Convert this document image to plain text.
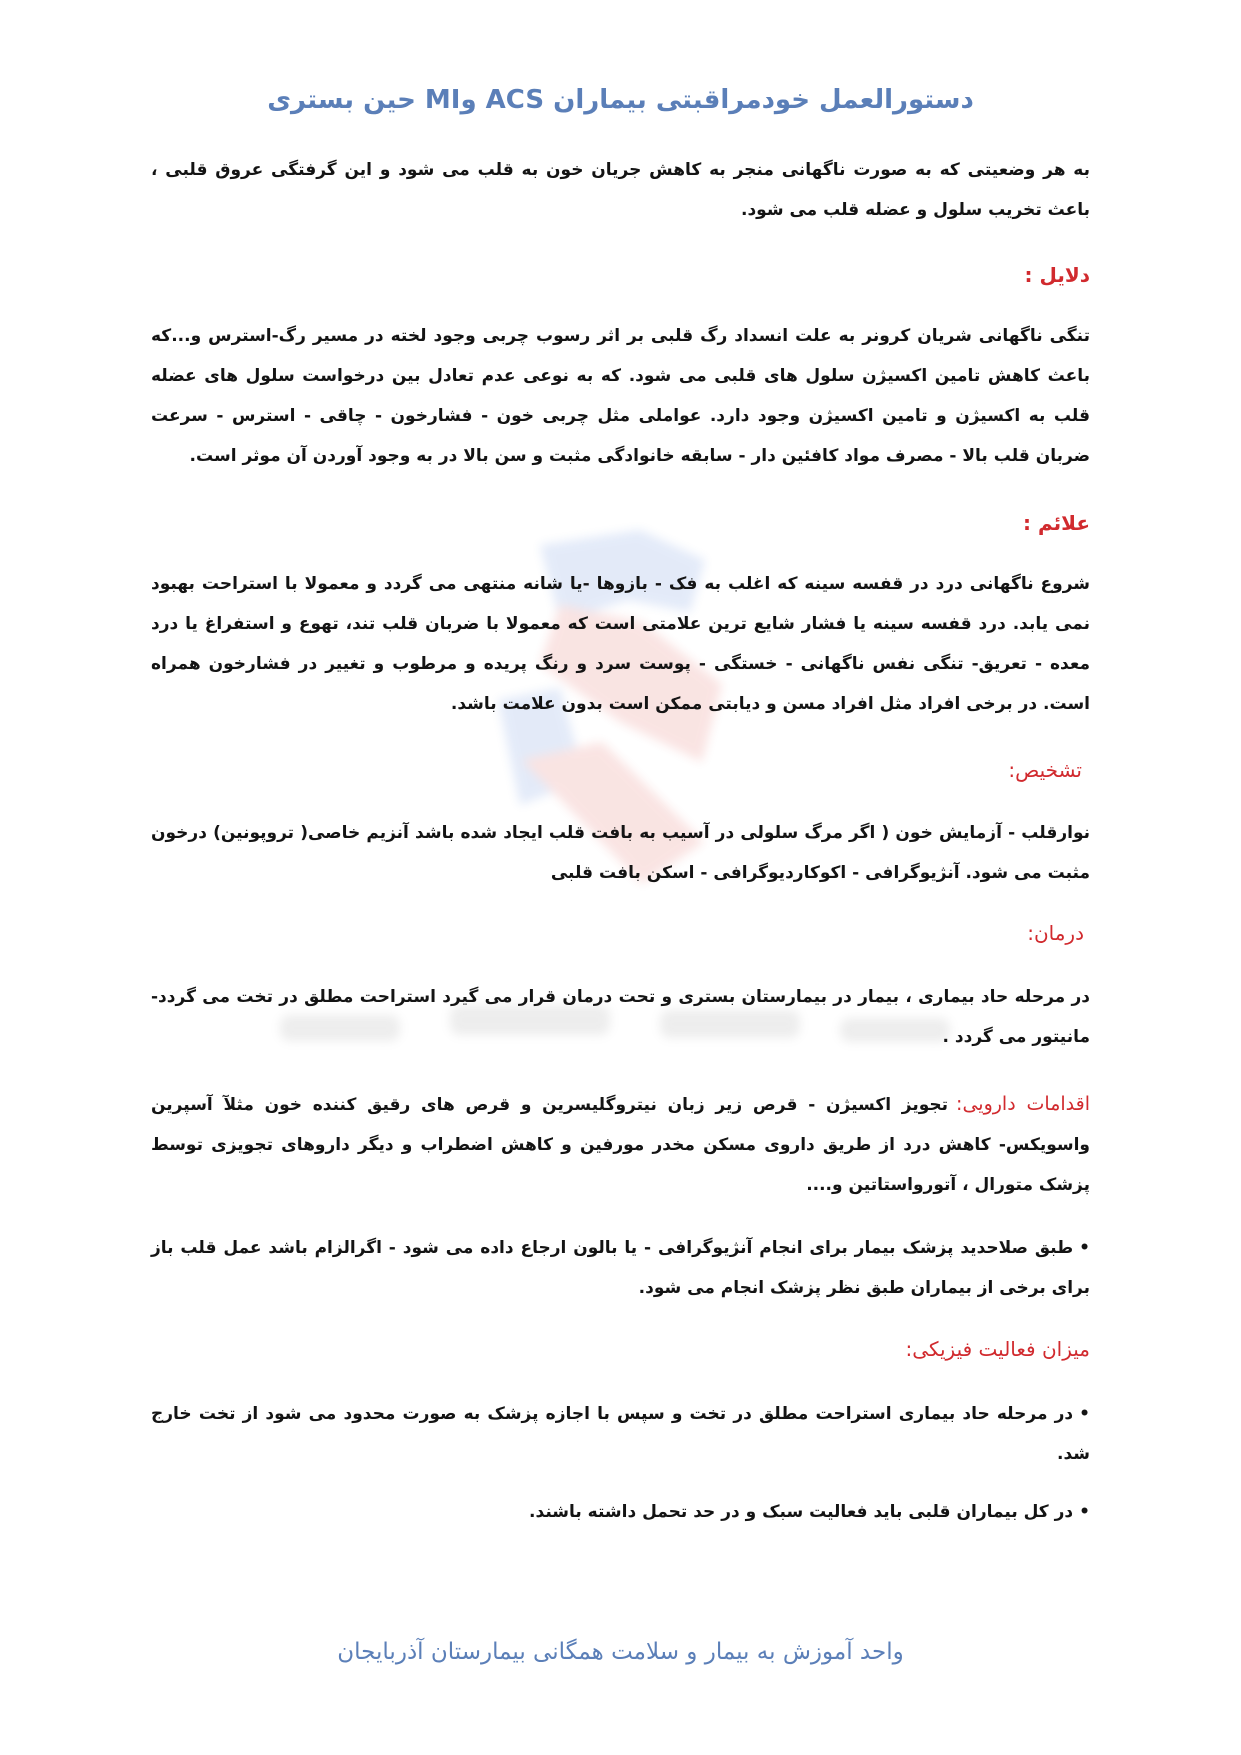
دستورالعمل خودمراقبتی بیماران ACS وMI حین بستری

به هر وضعیتی که به صورت ناگهانی منجر به کاهش جریان خون به قلب می شود و این گرفتگی عروق قلبی ، باعث تخریب سلول و عضله قلب می شود.

دلایل :

تنگی ناگهانی شریان کرونر به علت انسداد رگ قلبی بر اثر رسوب چربی وجود لخته در مسیر رگ-استرس و...که باعث کاهش تامین اکسیژن سلول های قلبی می شود. که به نوعی عدم تعادل بین درخواست سلول های عضله قلب به اکسیژن و تامین اکسیژن وجود دارد. عواملی مثل چربی خون - فشارخون - چاقی - استرس - سرعت ضربان قلب بالا - مصرف مواد کافئین دار - سابقه خانوادگی مثبت و سن بالا در به وجود آوردن آن موثر است.

علائم :

شروع ناگهانی درد در قفسه سینه که اغلب به فک - بازوها -یا شانه منتهی می گردد و معمولا با استراحت بهبود نمی یابد. درد قفسه سینه یا فشار شایع ترین علامتی است که معمولا با ضربان قلب تند، تهوع و استفراغ یا درد معده - تعریق- تنگی نفس ناگهانی - خستگی - پوست سرد و رنگ پریده و مرطوب و تغییر در فشارخون همراه است. در برخی افراد مثل افراد مسن و دیابتی ممکن است بدون علامت باشد.

تشخیص:

نوارقلب - آزمایش خون ( اگر مرگ سلولی در آسیب به بافت قلب ایجاد شده باشد آنزیم خاصی( تروپونین) درخون مثبت می شود. آنژیوگرافی - اکوکاردیوگرافی - اسکن بافت قلبی

درمان:

در مرحله حاد بیماری ، بیمار در بیمارستان بستری و تحت درمان قرار می گیرد استراحت مطلق در تخت می گردد- مانیتور می گردد .

اقدامات دارویی:تجویز اکسیژن - قرص زیر زبان نیتروگلیسرین و قرص های رقیق کننده خون مثلآ آسپرین واسویکس- کاهش درد از طریق داروی مسکن مخدر مورفین و کاهش اضطراب و دیگر داروهای تجویزی توسط پزشک متورال ، آتورواستاتین و....

•طبق صلاحدید پزشک بیمار برای انجام آنژیوگرافی - یا بالون ارجاع داده می شود - اگرالزام باشد عمل قلب باز برای برخی از بیماران طبق نظر پزشک انجام می شود.

میزان فعالیت فیزیکی:

•در مرحله حاد بیماری استراحت مطلق در تخت و سپس با اجازه پزشک به صورت محدود می شود از تخت خارج شد.

•در کل بیماران قلبی باید فعالیت سبک و در حد تحمل داشته باشند.

واحد آموزش به بیمار و سلامت همگانی بیمارستان آذربایجان
